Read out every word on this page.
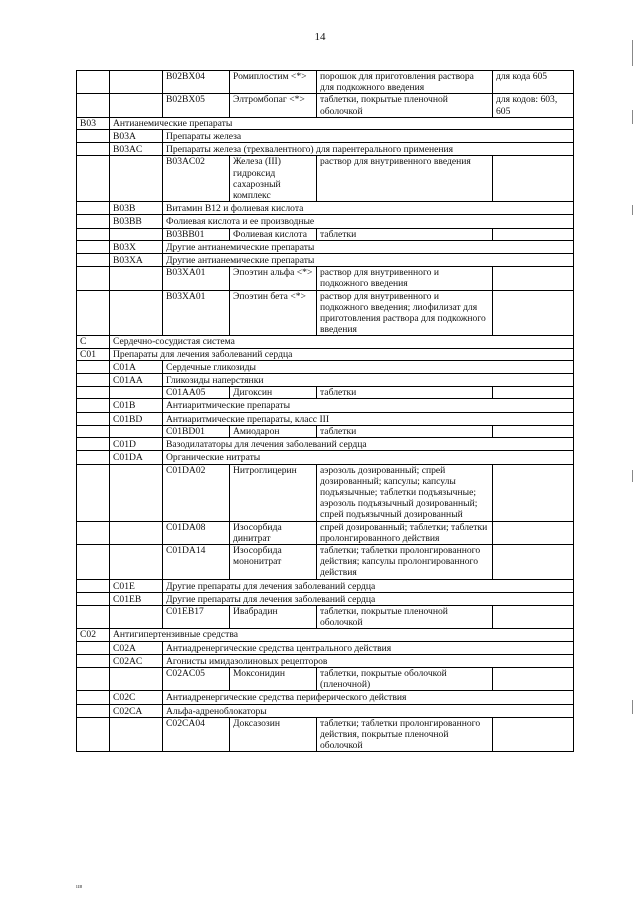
14
		B02BX04	Ромиплостим <*>	порошок для приготовления раствора для подкожного введения	для кода 605
		B02BX05	Элтромбопаг <*>	таблетки, покрытые пленочной оболочкой	для кодов: 603, 605
B03	Антианемические препараты				
	B03A	Препараты железа			
	B03AC	Препараты железа (трехвалентного) для парентерального применения			
		B03AC02	Железа (III) гидроксид сахарозный комплекс	раствор для внутривенного введения	
	B03B	Витамин B12 и фолиевая кислота			
	B03BB	Фолиевая кислота и ее производные			
		B03BB01	Фолиевая кислота	таблетки	
	B03X	Другие антианемические препараты			
	B03XA	Другие антианемические препараты			
		B03XA01	Эпоэтин альфа <*>	раствор для внутривенного и подкожного введения	
		B03XA01	Эпоэтин бета <*>	раствор для внутривенного и подкожного введения; лиофилизат для приготовления раствора для подкожного введения	
C	Сердечно-сосудистая система				
C01	Препараты для лечения заболеваний сердца				
	C01A	Сердечные гликозиды			
	C01AA	Гликозиды наперстянки			
		C01AA05	Дигоксин	таблетки	
	C01B	Антиаритмические препараты			
	C01BD	Антиаритмические препараты, класс III			
		C01BD01	Амиодарон	таблетки	
	C01D	Вазодилататоры для лечения заболеваний сердца			
	C01DA	Органические нитраты			
		C01DA02	Нитроглицерин	аэрозоль дозированный; спрей дозированный; капсулы; капсулы подъязычные; таблетки подъязычные; аэрозоль подъязычный дозированный; спрей подъязычный дозированный	
		C01DA08	Изосорбида динитрат	спрей дозированный; таблетки; таблетки пролонгированного действия	
		C01DA14	Изосорбида мононитрат	таблетки; таблетки пролонгированного действия; капсулы пролонгированного действия	
	C01E	Другие препараты для лечения заболеваний сердца			
	C01EB	Другие препараты для лечения заболеваний сердца			
		C01EB17	Ивабрадин	таблетки, покрытые пленочной оболочкой	
C02	Антигипертензивные средства				
	C02A	Антиадренергические средства центрального действия			
	C02AC	Агонисты имидазолиновых рецепторов			
		C02AC05	Моксонидин	таблетки, покрытые оболочкой (пленочной)	
	C02C	Антиадренергические средства периферического действия			
	C02CA	Альфа-адреноблокаторы			
		C02CA04	Доксазозин	таблетки; таблетки пролонгированного действия, покрытые пленочной оболочкой	
ııв
